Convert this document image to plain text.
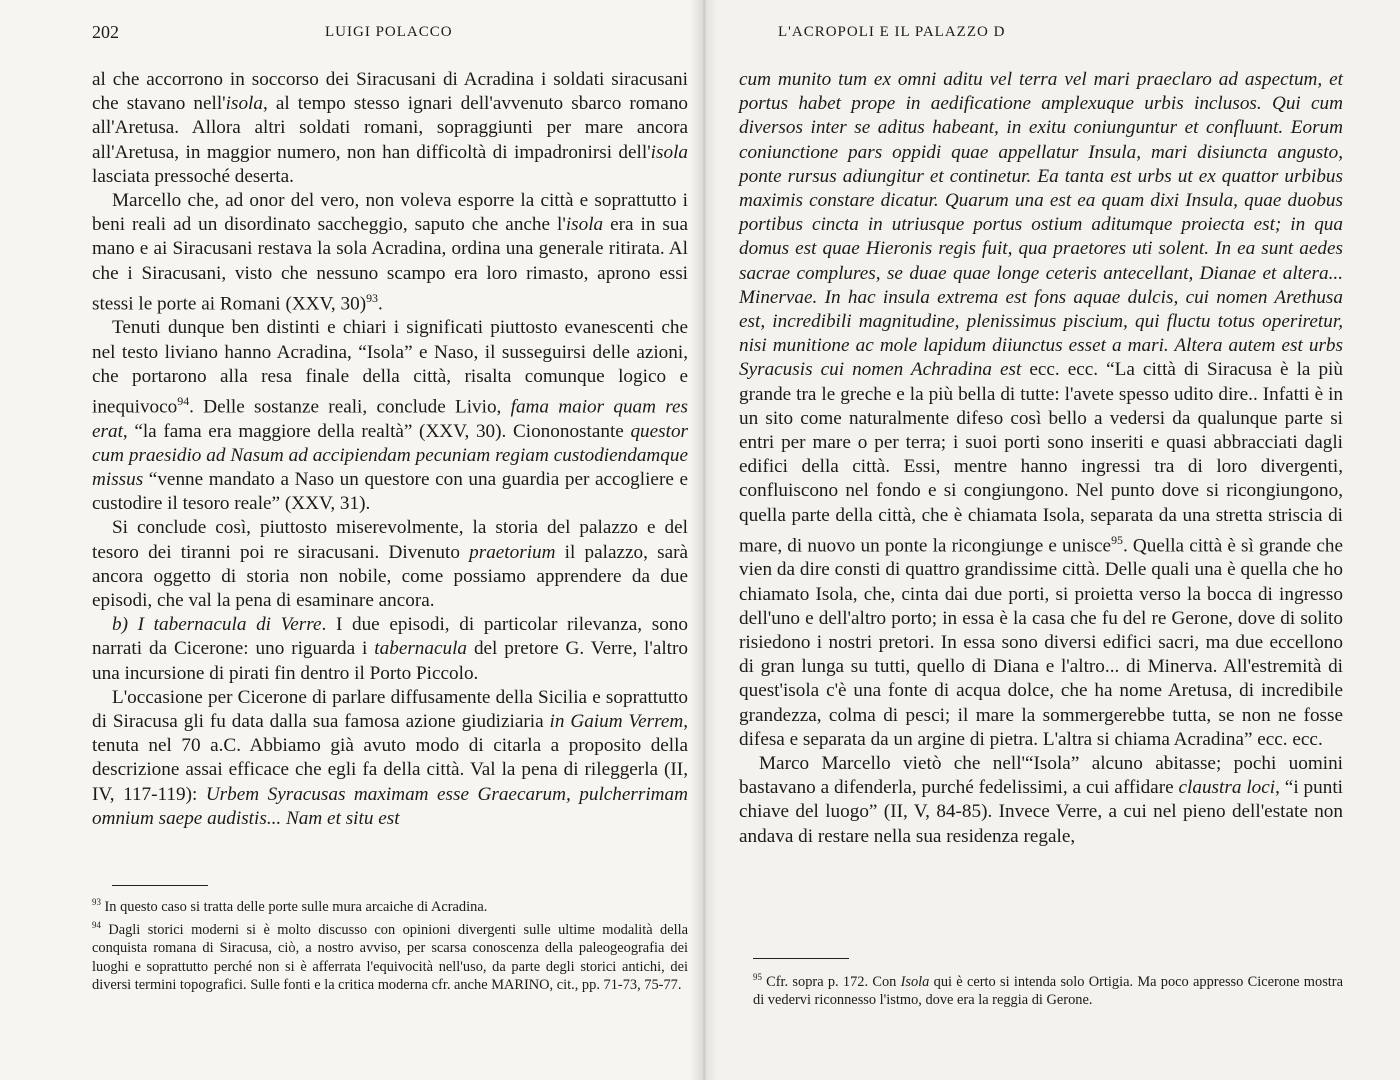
202	LUIGI POLACCO	L'ACROPOLI E IL PALAZZO D

al che accorrono in soccorso dei Siracusani di Acradina i soldati siracusani che stavano nell'isola, al tempo stesso ignari dell'avvenuto sbarco romano all'Aretusa. Allora altri soldati romani, sopraggiunti per mare ancora all'Aretusa, in maggior numero, non han difficoltà di impadronirsi dell'isola lasciata pressoché deserta.

Marcello che, ad onor del vero, non voleva esporre la città e soprattutto i beni reali ad un disordinato saccheggio, saputo che anche l'isola era in sua mano e ai Siracusani restava la sola Acradina, ordina una generale ritirata. Al che i Siracusani, visto che nessuno scampo era loro rimasto, aprono essi stessi le porte ai Romani (XXV, 30)$^{93}$.

Tenuti dunque ben distinti e chiari i significati piuttosto evanescenti che nel testo liviano hanno Acradina, “Isola” e Naso, il susseguirsi delle azioni, che portarono alla resa finale della città, risalta comunque logico e inequivoco$^{94}$. Delle sostanze reali, conclude Livio, fama maior quam res erat, “la fama era maggiore della realtà” (XXV, 30). Ciononostante questor cum praesidio ad Nasum ad accipiendam pecuniam regiam custodiendamque missus “venne mandato a Naso un questore con una guardia per accogliere e custodire il tesoro reale” (XXV, 31).

Si conclude così, piuttosto miserevolmente, la storia del palazzo e del tesoro dei tiranni poi re siracusani. Divenuto praetorium il palazzo, sarà ancora oggetto di storia non nobile, come possiamo apprendere da due episodi, che val la pena di esaminare ancora.

b) I tabernacula di Verre. I due episodi, di particolar rilevanza, sono narrati da Cicerone: uno riguarda i tabernacula del pretore G. Verre, l'altro una incursione di pirati fin dentro il Porto Piccolo.

L'occasione per Cicerone di parlare diffusamente della Sicilia e soprattutto di Siracusa gli fu data dalla sua famosa azione giudiziaria in Gaium Verrem, tenuta nel 70 a.C. Abbiamo già avuto modo di citarla a proposito della descrizione assai efficace che egli fa della città. Val la pena di rileggerla (II, IV, 117-119): Urbem Syracusas maximam esse Graecarum, pulcherrimam omnium saepe audistis... Nam et situ est

$^{93}$ In questo caso si tratta delle porte sulle mura arcaiche di Acradina.

$^{94}$ Dagli storici moderni si è molto discusso con opinioni divergenti sulle ultime modalità della conquista romana di Siracusa, ciò, a nostro avviso, per scarsa conoscenza della paleogeografia dei luoghi e soprattutto perché non si è afferrata l'equivocità nell'uso, da parte degli storici antichi, dei diversi termini topografici. Sulle fonti e la critica moderna cfr. anche MARINO, cit., pp. 71-73, 75-77.

cum munito tum ex omni aditu vel terra vel mari praeclaro ad aspectum, et portus habet prope in aedificatione amplexuque urbis inclusos. Qui cum diversos inter se aditus habeant, in exitu coniunguntur et confluunt. Eorum coniunctione pars oppidi quae appellatur Insula, mari disiuncta angusto, ponte rursus adiungitur et continetur. Ea tanta est urbs ut ex quattor urbibus maximis constare dicatur. Quarum una est ea quam dixi Insula, quae duobus portibus cincta in utriusque portus ostium aditumque proiecta est; in qua domus est quae Hieronis regis fuit, qua praetores uti solent. In ea sunt aedes sacrae complures, se duae quae longe ceteris antecellant, Dianae et altera... Minervae. In hac insula extrema est fons aquae dulcis, cui nomen Arethusa est, incredibili magnitudine, plenissimus piscium, qui fluctu totus operiretur, nisi munitione ac mole lapidum diiunctus esset a mari. Altera autem est urbs Syracusis cui nomen Achradina est ecc. ecc. “La città di Siracusa è la più grande tra le greche e la più bella di tutte: l'avete spesso udito dire.. Infatti è in un sito come naturalmente difeso così bello a vedersi da qualunque parte si entri per mare o per terra; i suoi porti sono inseriti e quasi abbracciati dagli edifici della città. Essi, mentre hanno ingressi tra di loro divergenti, confluiscono nel fondo e si congiungono. Nel punto dove si ricongiungono, quella parte della città, che è chiamata Isola, separata da una stretta striscia di mare, di nuovo un ponte la ricongiunge e unisce$^{95}$. Quella città è sì grande che vien da dire consti di quattro grandissime città. Delle quali una è quella che ho chiamato Isola, che, cinta dai due porti, si proietta verso la bocca di ingresso dell'uno e dell'altro porto; in essa è la casa che fu del re Gerone, dove di solito risiedono i nostri pretori. In essa sono diversi edifici sacri, ma due eccellono di gran lunga su tutti, quello di Diana e l'altro... di Minerva. All'estremità di quest'isola c'è una fonte di acqua dolce, che ha nome Aretusa, di incredibile grandezza, colma di pesci; il mare la sommergerebbe tutta, se non ne fosse difesa e separata da un argine di pietra. L'altra si chiama Acradina” ecc. ecc.

Marco Marcello vietò che nell'“Isola” alcuno abitasse; pochi uomini bastavano a difenderla, purché fedelissimi, a cui affidare claustra loci, “i punti chiave del luogo” (II, V, 84-85). Invece Verre, a cui nel pieno dell'estate non andava di restare nella sua residenza regale,

$^{95}$ Cfr. sopra p. 172. Con Isola qui è certo si intenda solo Ortigia. Ma poco appresso Cicerone mostra di vedervi riconnesso l'istmo, dove era la reggia di Gerone.
